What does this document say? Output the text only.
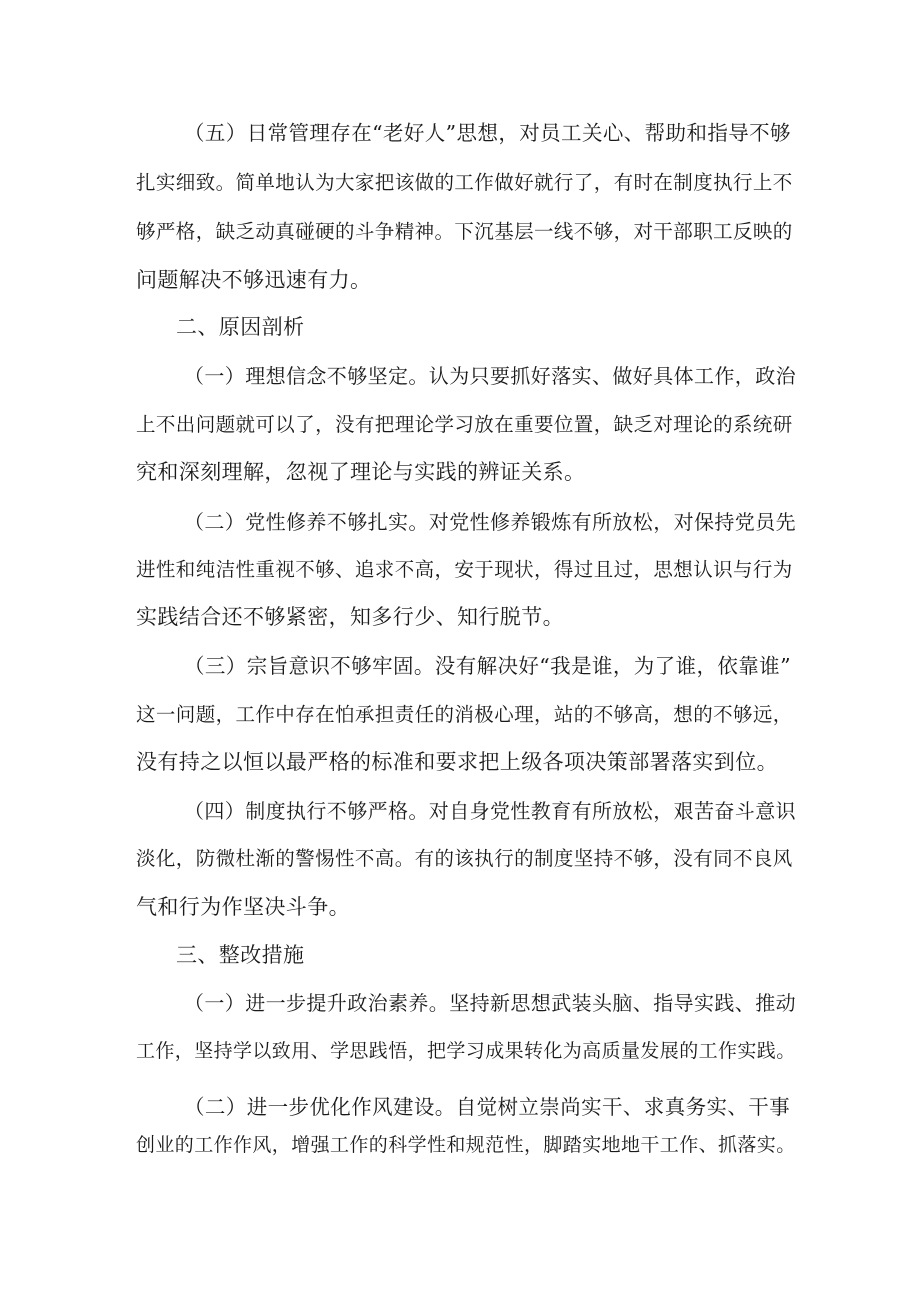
（五）日常管理存在“老好人”思想，对员工关心、帮助和指导不够
扎实细致。简单地认为大家把该做的工作做好就行了，有时在制度执行上不
够严格，缺乏动真碰硬的斗争精神。下沉基层一线不够，对干部职工反映的
问题解决不够迅速有力。
二、原因剖析
（一）理想信念不够坚定。认为只要抓好落实、做好具体工作，政治
上不出问题就可以了，没有把理论学习放在重要位置，缺乏对理论的系统研
究和深刻理解，忽视了理论与实践的辨证关系。
（二）党性修养不够扎实。对党性修养锻炼有所放松，对保持党员先
进性和纯洁性重视不够、追求不高，安于现状，得过且过，思想认识与行为
实践结合还不够紧密，知多行少、知行脱节。
（三）宗旨意识不够牢固。没有解决好“我是谁，为了谁，依靠谁”
这一问题，工作中存在怕承担责任的消极心理，站的不够高，想的不够远，
没有持之以恒以最严格的标准和要求把上级各项决策部署落实到位。
（四）制度执行不够严格。对自身党性教育有所放松，艰苦奋斗意识
淡化，防微杜渐的警惕性不高。有的该执行的制度坚持不够，没有同不良风
气和行为作坚决斗争。
三、整改措施
（一）进一步提升政治素养。坚持新思想武装头脑、指导实践、推动
工作，坚持学以致用、学思践悟，把学习成果转化为高质量发展的工作实践。
（二）进一步优化作风建设。自觉树立崇尚实干、求真务实、干事
创业的工作作风，增强工作的科学性和规范性，脚踏实地地干工作、抓落实。
